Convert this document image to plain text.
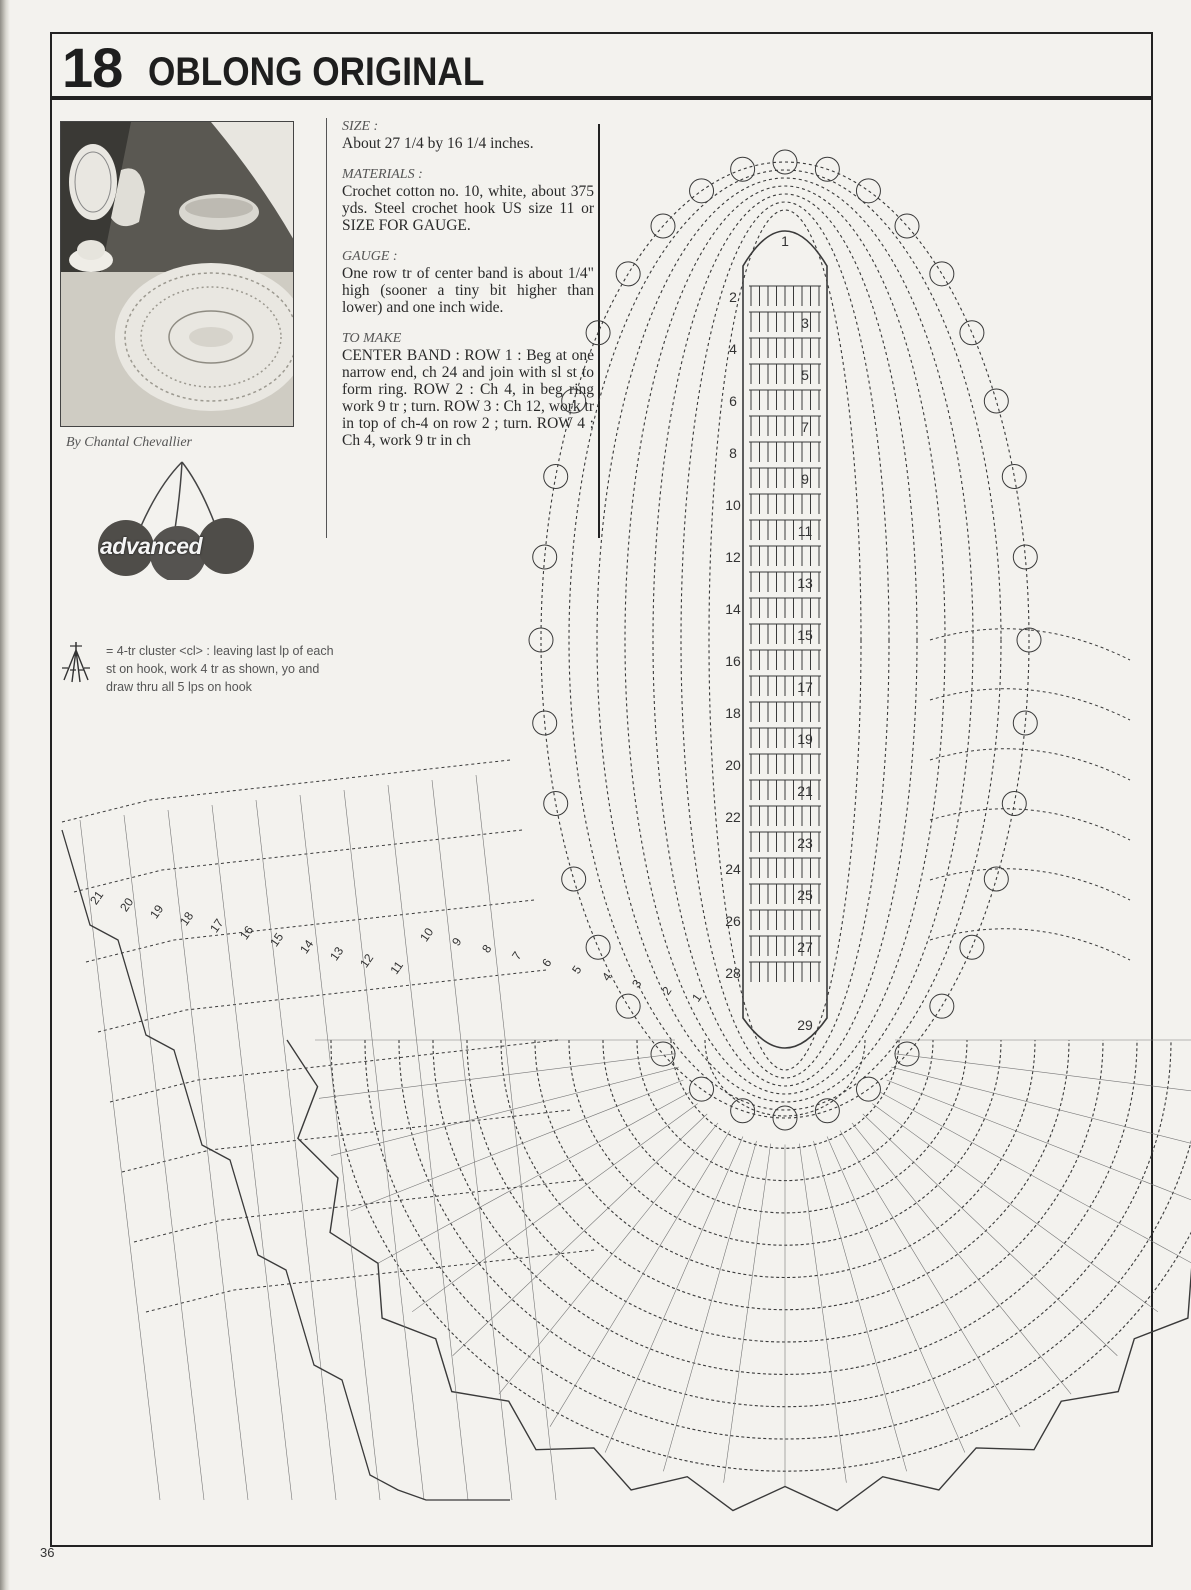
18 OBLONG ORIGINAL
By Chantal Chevallier
advanced
SIZE :
About 27 1/4 by 16 1/4 inches.
MATERIALS :
Crochet cotton no. 10, white, about 375 yds. Steel crochet hook US size 11 or SIZE FOR GAUGE.
GAUGE :
One row tr of center band is about 1/4" high (sooner a tiny bit higher than lower) and one inch wide.
TO MAKE
CENTER BAND : ROW 1 : Beg at one narrow end, ch 24 and join with sl st to form ring. ROW 2 : Ch 4, in beg ring work 9 tr ; turn. ROW 3 : Ch 12, work tr in top of ch-4 on row 2 ; turn. ROW 4 : Ch 4, work 9 tr in ch
= 4-tr cluster <cl> : leaving last lp of each st on hook, work 4 tr as shown, yo and draw thru all 5 lps on hook
1
2
3
4
5
6
7
8
9
10
11
12
13
14
15
16
17
18
19
20
21
22
23
24
25
26
27
28
29
1
2
3
4
5
6
7
8
9
10
11
12
13
14
15
16
17
18
19
20
21
36
